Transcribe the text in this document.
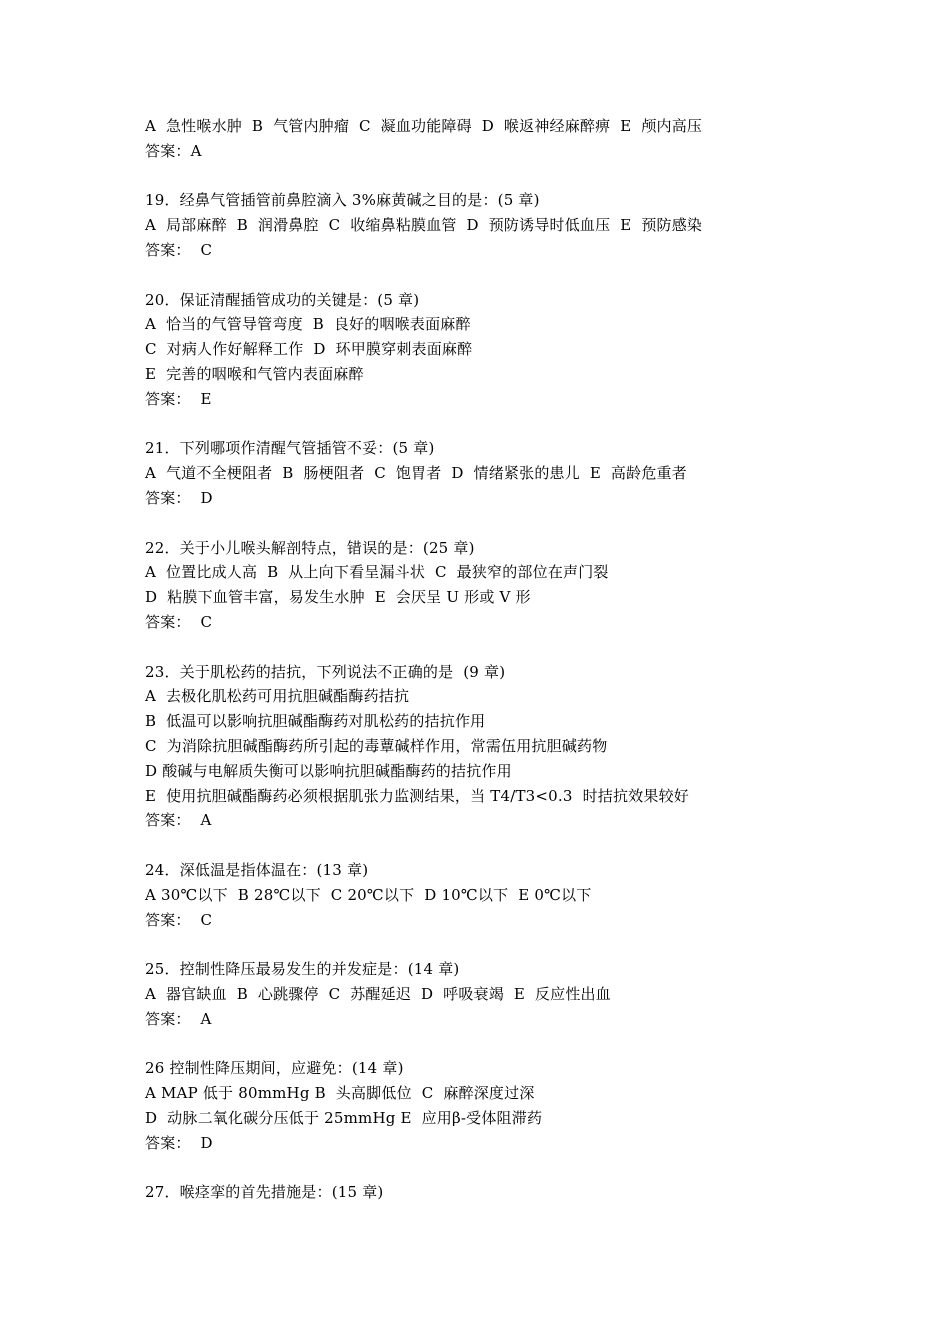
A  急性喉水肿  B  气管内肿瘤  C  凝血功能障碍  D  喉返神经麻醉痹  E  颅内高压
答案：A
19．经鼻气管插管前鼻腔滴入 3%麻黄碱之目的是：(5 章)
A  局部麻醉  B  润滑鼻腔  C  收缩鼻粘膜血管  D  预防诱导时低血压  E  预防感染
答案：  C
20．保证清醒插管成功的关键是：(5 章)
A  恰当的气管导管弯度  B  良好的咽喉表面麻醉
C  对病人作好解释工作  D  环甲膜穿刺表面麻醉
E  完善的咽喉和气管内表面麻醉
答案：  E
21．下列哪项作清醒气管插管不妥：(5 章)
A  气道不全梗阻者  B  肠梗阻者  C  饱胃者  D  情绪紧张的患儿  E  高龄危重者
答案：  D
22．关于小儿喉头解剖特点，错误的是：(25 章)
A  位置比成人高  B  从上向下看呈漏斗状  C  最狭窄的部位在声门裂
D  粘膜下血管丰富，易发生水肿  E  会厌呈 U 形或 V 形
答案：  C
23．关于肌松药的拮抗，下列说法不正确的是  (9 章)
A  去极化肌松药可用抗胆碱酯酶药拮抗
B  低温可以影响抗胆碱酯酶药对肌松药的拮抗作用
C  为消除抗胆碱酯酶药所引起的毒蕈碱样作用，常需伍用抗胆碱药物
D 酸碱与电解质失衡可以影响抗胆碱酯酶药的拮抗作用
E  使用抗胆碱酯酶药必须根据肌张力监测结果，当 T4/T3<0.3  时拮抗效果较好
答案：  A
24．深低温是指体温在：(13 章)
A 30℃以下  B 28℃以下  C 20℃以下  D 10℃以下  E 0℃以下
答案：  C
25．控制性降压最易发生的并发症是：(14 章)
A  器官缺血  B  心跳骤停  C  苏醒延迟  D  呼吸衰竭  E  反应性出血
答案：  A
26 控制性降压期间，应避免：(14 章)
A MAP 低于 80mmHg B  头高脚低位  C  麻醉深度过深
D  动脉二氧化碳分压低于 25mmHg E  应用β-受体阻滞药
答案：  D
27．喉痉挛的首先措施是：(15 章)
